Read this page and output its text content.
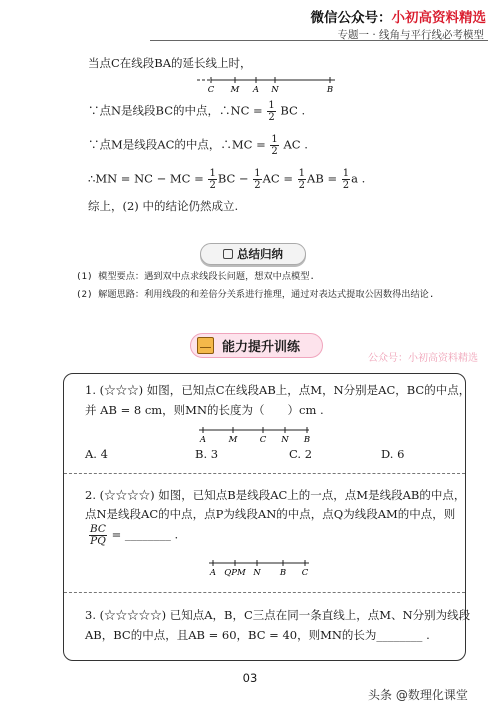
微信公众号：小初高资料精选
专题一 · 线角与平行线必考模型
当点C在线段BA的延长线上时，
C M A N	B
∵点N是线段BC的中点，∴NC = $\frac{1}{2}$ BC .
∵点M是线段AC的中点，∴MC = $\frac{1}{2}$ AC .
∴MN = NC − MC = $\frac{1}{2}$ BC − $\frac{1}{2}$ AC = $\frac{1}{2}$ AB = $\frac{1}{2}$ a .
综上，(2) 中的结论仍然成立.
总结归纳
(1) 模型要点：遇到双中点求线段长问题，想双中点模型.
(2) 解题思路：利用线段的和差倍分关系进行推理，通过对表达式提取公因数得出结论.
能力提升训练
公众号：小初高资料精选
1. (☆☆☆) 如图，已知点C在线段AB上，点M，N分别是AC，BC的中点，
并 AB = 8 cm，则MN的长度为（　　）cm .
A	M	C N B
A. 4	B. 3	C. 2	D. 6
2. (☆☆☆☆) 如图，已知点B是线段AC上的一点，点M是线段AB的中点，
点N是线段AC的中点，点P为线段AN的中点，点Q为线段AM的中点，则
$\frac{BC}{PQ}$ = ________ .
A QPM N B C
3. (☆☆☆☆☆) 已知点A，B，C三点在同一条直线上，点M、N分别为线段
AB，BC的中点，且AB = 60，BC = 40，则MN的长为________ .
03
头条 @数理化课堂
